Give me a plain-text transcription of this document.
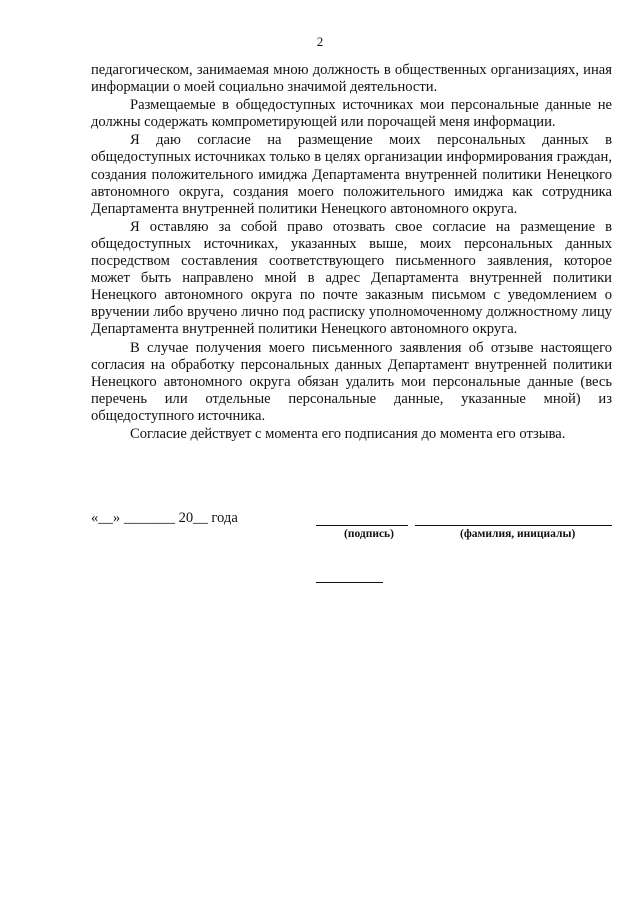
2

педагогическом, занимаемая мною должность в общественных организациях, иная информации о моей социально значимой деятельности.

Размещаемые в общедоступных источниках мои персональные данные не должны содержать компрометирующей или порочащей меня информации.

Я даю согласие на размещение моих персональных данных в общедоступных источниках только в целях организации информирования граждан, создания положительного имиджа Департамента внутренней политики Ненецкого автономного округа, создания моего положительного имиджа как сотрудника Департамента внутренней политики Ненецкого автономного округа.

Я оставляю за собой право отозвать свое согласие на размещение в общедоступных источниках, указанных выше, моих персональных данных посредством составления соответствующего письменного заявления, которое может быть направлено мной в адрес Департамента внутренней политики Ненецкого автономного округа по почте заказным письмом с уведомлением о вручении либо вручено лично под расписку уполномоченному должностному лицу Департамента внутренней политики Ненецкого автономного округа.

В случае получения моего письменного заявления об отзыве настоящего согласия на обработку персональных данных Департамент внутренней политики Ненецкого автономного округа обязан удалить мои персональные данные (весь перечень или отдельные персональные данные, указанные мной) из общедоступного источника.

Согласие действует с момента его подписания до момента его отзыва.

«__» _______ 20__ года
(подпись)	(фамилия, инициалы)
